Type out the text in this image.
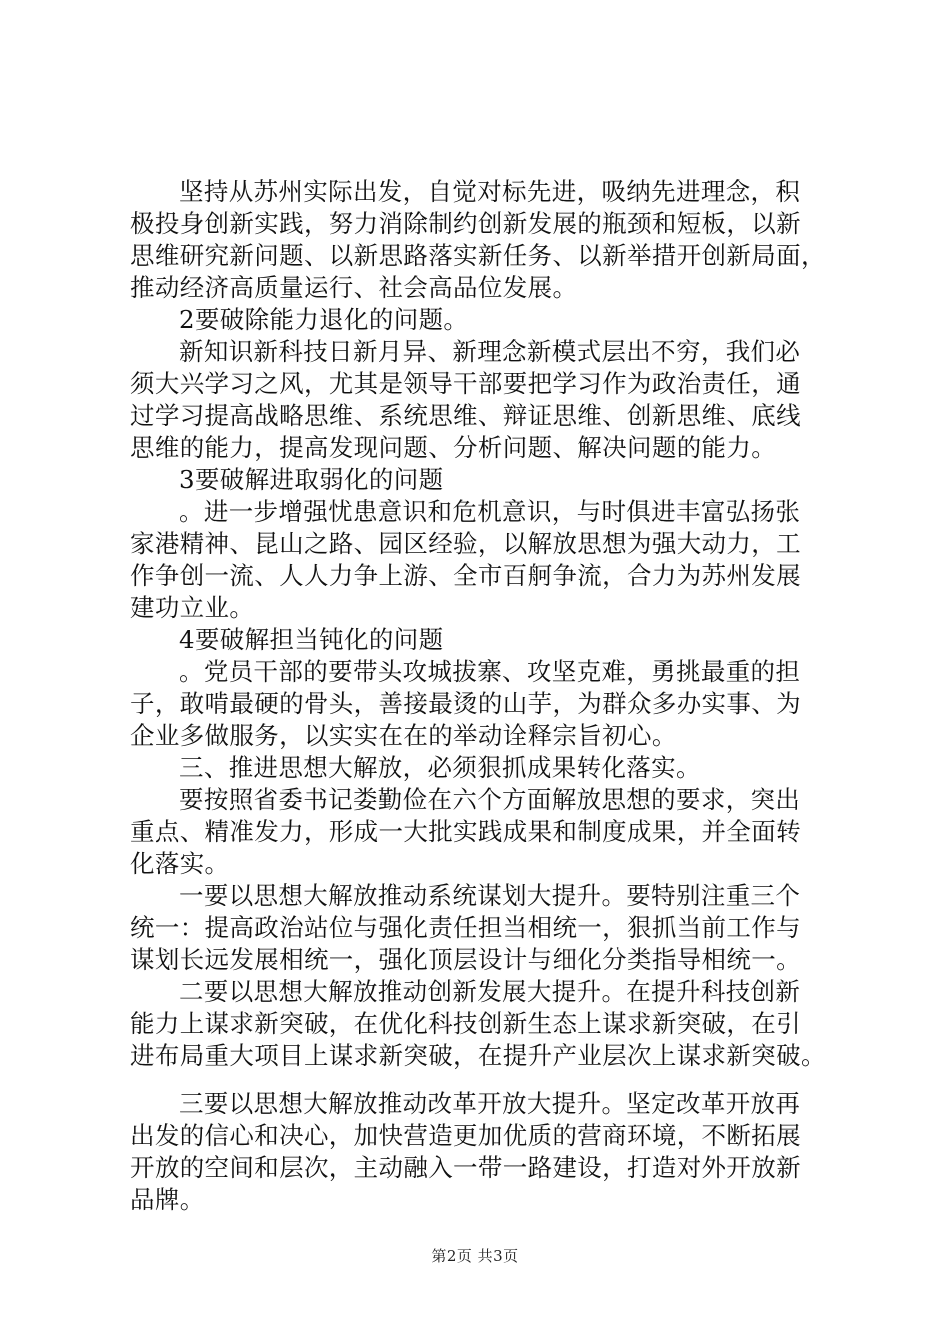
坚持从苏州实际出发，自觉对标先进，吸纳先进理念，积
极投身创新实践，努力消除制约创新发展的瓶颈和短板，以新
思维研究新问题、以新思路落实新任务、以新举措开创新局面，
推动经济高质量运行、社会高品位发展。
2要破除能力退化的问题。
新知识新科技日新月异、新理念新模式层出不穷，我们必
须大兴学习之风，尤其是领导干部要把学习作为政治责任，通
过学习提高战略思维、系统思维、辩证思维、创新思维、底线
思维的能力，提高发现问题、分析问题、解决问题的能力。
3要破解进取弱化的问题
。进一步增强忧患意识和危机意识，与时俱进丰富弘扬张
家港精神、昆山之路、园区经验，以解放思想为强大动力，工
作争创一流、人人力争上游、全市百舸争流，合力为苏州发展
建功立业。
4要破解担当钝化的问题
。党员干部的要带头攻城拔寨、攻坚克难，勇挑最重的担
子，敢啃最硬的骨头，善接最烫的山芋，为群众多办实事、为
企业多做服务，以实实在在的举动诠释宗旨初心。
三、推进思想大解放，必须狠抓成果转化落实。
要按照省委书记娄勤俭在六个方面解放思想的要求，突出
重点、精准发力，形成一大批实践成果和制度成果，并全面转
化落实。
一要以思想大解放推动系统谋划大提升。要特别注重三个
统一：提高政治站位与强化责任担当相统一，狠抓当前工作与
谋划长远发展相统一，强化顶层设计与细化分类指导相统一。
二要以思想大解放推动创新发展大提升。在提升科技创新
能力上谋求新突破，在优化科技创新生态上谋求新突破，在引
进布局重大项目上谋求新突破，在提升产业层次上谋求新突破。
三要以思想大解放推动改革开放大提升。坚定改革开放再
出发的信心和决心，加快营造更加优质的营商环境，不断拓展
开放的空间和层次，主动融入一带一路建设，打造对外开放新
品牌。
第2页 共3页
